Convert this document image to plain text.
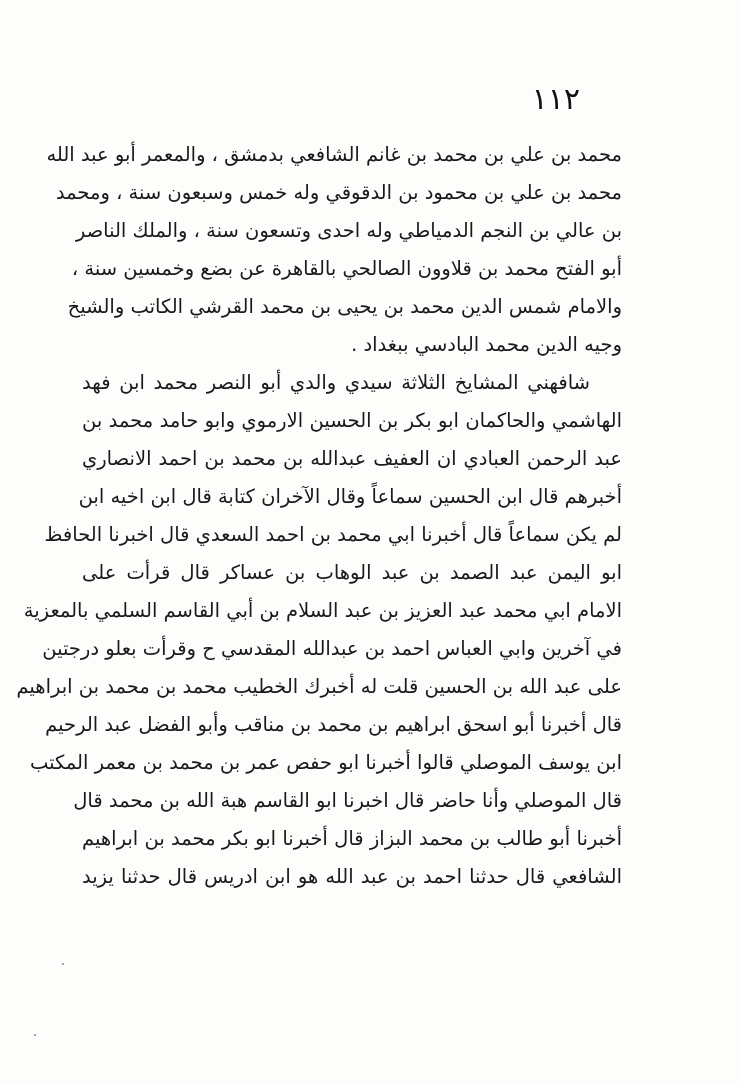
١١٢
محمد بن علي بن محمد بن غانم الشافعي بدمشق ، والمعمر أبو عبد الله
محمد بن علي بن محمود بن الدقوقي وله خمس وسبعون سنة ، ومحمد
بن عالي بن النجم الدمياطي وله احدى وتسعون سنة ، والملك الناصر
أبو الفتح محمد بن قلاوون الصالحي بالقاهرة عن بضع وخمسين سنة ،
والامام شمس الدين محمد بن يحيى بن محمد القرشي الكاتب والشيخ
وجيه الدين محمد البادسي ببغداد .
شافهني المشايخ الثلاثة سيدي والدي أبو النصر محمد ابن فهد
الهاشمي والحاكمان ابو بكر بن الحسين الارموي وابو حامد محمد بن
عبد الرحمن العبادي ان العفيف عبدالله بن محمد بن احمد الانصاري
أخبرهم قال ابن الحسين سماعاً وقال الآخران كتابة قال ابن اخيه ابن
لم يكن سماعاً قال أخبرنا ابي محمد بن احمد السعدي قال اخبرنا الحافظ
ابو اليمن عبد الصمد بن عبد الوهاب بن عساكر قال قرأت على
الامام ابي محمد عبد العزيز بن عبد السلام بن أبي القاسم السلمي بالمعزية
في آخرين وابي العباس احمد بن عبدالله المقدسي ح وقرأت بعلو درجتين
على عبد الله بن الحسين قلت له أخبرك الخطيب محمد بن محمد بن ابراهيم
قال أخبرنا أبو اسحق ابراهيم بن محمد بن مناقب وأبو الفضل عبد الرحيم
ابن يوسف الموصلي قالوا أخبرنا ابو حفص عمر بن محمد بن معمر المكتب
قال الموصلي وأنا حاضر قال اخبرنا ابو القاسم هبة الله بن محمد قال
أخبرنا أبو طالب بن محمد البزاز قال أخبرنا ابو بكر محمد بن ابراهيم
الشافعي قال حدثنا احمد بن عبد الله هو ابن ادريس قال حدثنا يزيد
